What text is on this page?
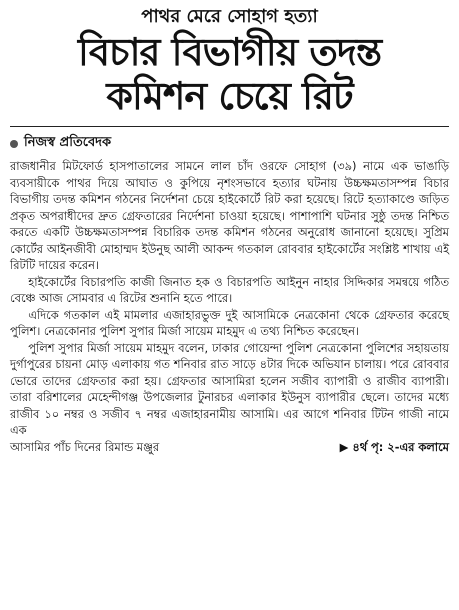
পাথর মেরে সোহাগ হত্যা

বিচার বিভাগীয় তদন্ত
কমিশন চেয়ে রিট
নিজস্ব প্রতিবেদক

রাজধানীর মিটফোর্ড হাসপাতালের সামনে লাল চাঁদ ওরফে সোহাগ (৩৯) নামে এক ভাঙাড়ি ব্যবসায়ীকে পাথর দিয়ে আঘাত ও কুপিয়ে নৃশংসভাবে হত্যার ঘটনায় উচ্চক্ষমতাসম্পন্ন বিচার বিভাগীয় তদন্ত কমিশন গঠনের নির্দেশনা চেয়ে হাইকোর্টে রিট করা হয়েছে। রিটে হত্যাকাণ্ডে জড়িত প্রকৃত অপরাধীদের দ্রুত গ্রেফতারের নির্দেশনা চাওয়া হয়েছে। পাশাপাশি ঘটনার সুষ্ঠু তদন্ত নিশ্চিত করতে একটি উচ্চক্ষমতাসম্পন্ন বিচারিক তদন্ত কমিশন গঠনের অনুরোধ জানানো হয়েছে। সুপ্রিম কোর্টের আইনজীবী মোহাম্মদ ইউনুছ আলী আকন্দ গতকাল রোববার হাইকোর্টের সংশ্লিষ্ট শাখায় এই রিটটি দায়ের করেন।

হাইকোর্টের বিচারপতি কাজী জিনাত হক ও বিচারপতি আইনুন নাহার সিদ্দিকার সমন্বয়ে গঠিত বেঞ্চে আজ সোমবার এ রিটের শুনানি হতে পারে।

এদিকে গতকাল এই মামলার এজাহারভুক্ত দুই আসামিকে নেত্রকোনা থেকে গ্রেফতার করেছে পুলিশ। নেত্রকোনার পুলিশ সুপার মির্জা সায়েম মাহমুদ এ তথ্য নিশ্চিত করেছেন।

পুলিশ সুপার মির্জা সায়েম মাহমুদ বলেন, ঢাকার গোয়েন্দা পুলিশ নেত্রকোনা পুলিশের সহায়তায় দুর্গাপুরের চায়না মোড় এলাকায় গত শনিবার রাত সাড়ে ৪টার দিকে অভিযান চালায়। পরে রোববার ভোরে তাদের গ্রেফতার করা হয়। গ্রেফতার আসামিরা হলেন সজীব ব্যাপারী ও রাজীব ব্যাপারী। তারা বরিশালের মেহেন্দীগঞ্জ উপজেলার টুনারচর এলাকার ইউনুস ব্যাপারীর ছেলে। তাদের মধ্যে রাজীব ১০ নম্বর ও সজীব ৭ নম্বর এজাহারনামীয় আসামি। এর আগে শনিবার টিটন গাজী নামে এক

আসামির পাঁচ দিনের রিমান্ড মঞ্জুর	▶ ৪র্থ পৃ: ২-এর কলামে
